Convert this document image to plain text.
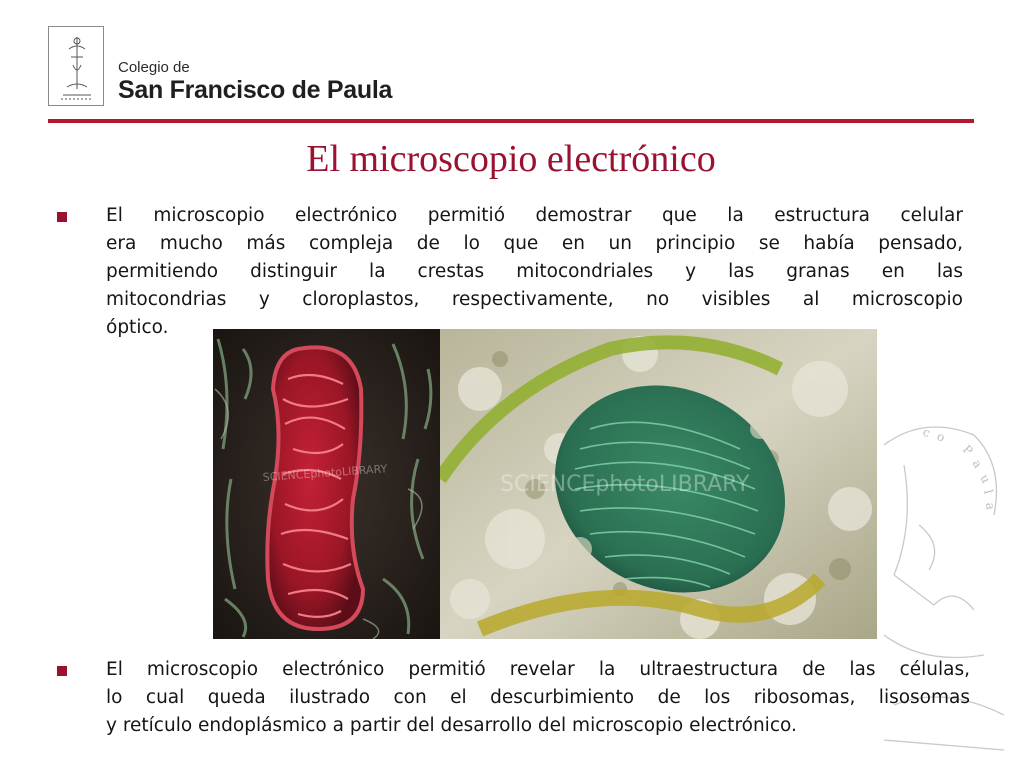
Colegio de
San Francisco de Paula
El microscopio electrónico
c o
P
a
u
l
a
El microscopio electrónico permitió demostrar que la estructura celular
era mucho más compleja de lo que en un principio se había pensado,
permitiendo distinguir la crestas mitocondriales y las granas en las
mitocondrias y cloroplastos, respectivamente, no visibles al microscopio
óptico.
SCIENCEphotoLIBRARY	SCIENCEphotoLIBRARY
El microscopio electrónico permitió revelar la ultraestructura de las células,
lo cual queda ilustrado con el descurbimiento de los ribosomas, lisosomas
y retículo endoplásmico a partir del desarrollo del microscopio electrónico.
